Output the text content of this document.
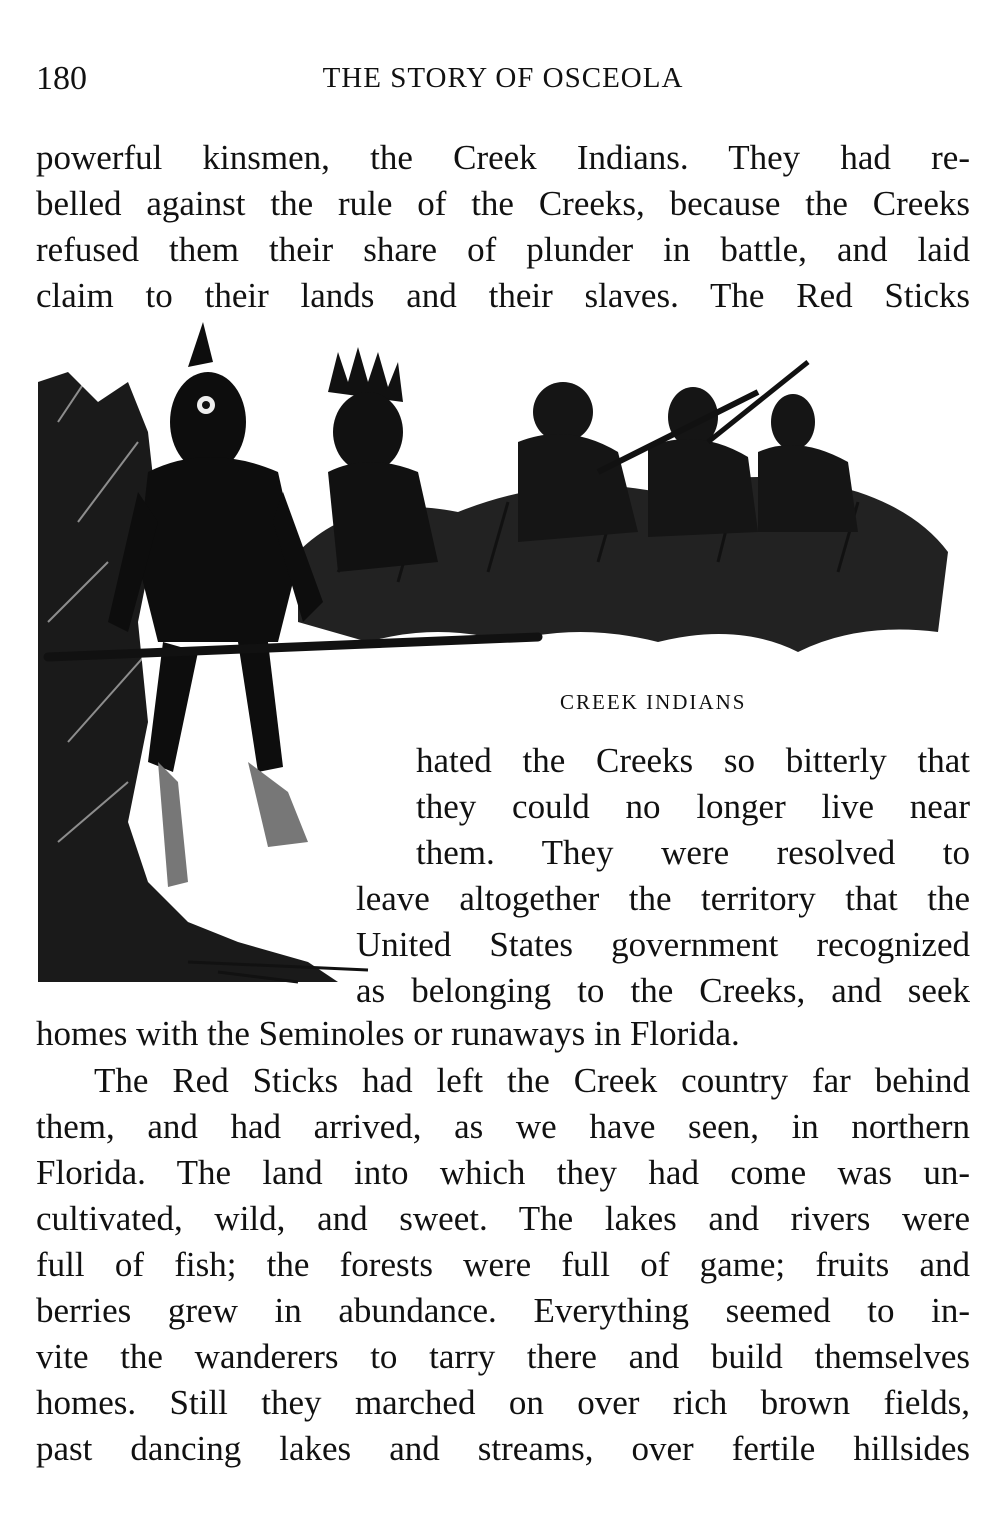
180	THE STORY OF OSCEOLA
powerful kinsmen, the Creek Indians. They had re-
belled against the rule of the Creeks, because the Creeks
refused them their share of plunder in battle, and laid
claim to their lands and their slaves. The Red Sticks
CREEK INDIANS
hated the Creeks so bitterly that
they could no longer live near
them. They were resolved to
leave altogether the territory that the
United States government recognized
as belonging to the Creeks, and seek
homes with the Seminoles or runaways in Florida.
The Red Sticks had left the Creek country far behind
them, and had arrived, as we have seen, in northern
Florida. The land into which they had come was un-
cultivated, wild, and sweet. The lakes and rivers were
full of fish; the forests were full of game; fruits and
berries grew in abundance. Everything seemed to in-
vite the wanderers to tarry there and build themselves
homes. Still they marched on over rich brown fields,
past dancing lakes and streams, over fertile hillsides
